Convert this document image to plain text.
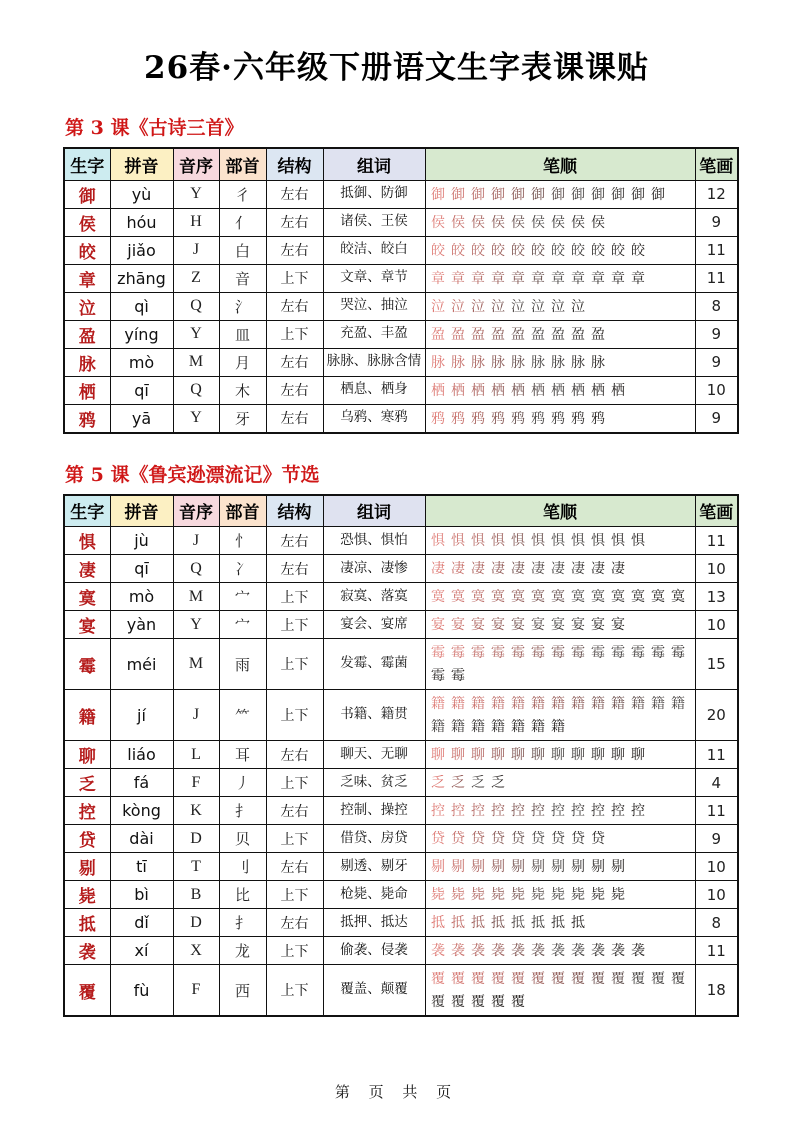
26春·六年级下册语文生字表课课贴
第 3 课《古诗三首》
生字	拼音	音序	部首	结构	组词	笔顺	笔画
御	yù	Y	彳	左右	抵御、防御	御 御 御 御 御 御 御 御 御 御 御 御	12
侯	hóu	H	亻	左右	诸侯、王侯	侯 侯 侯 侯 侯 侯 侯 侯 侯	9
皎	jiǎo	J	白	左右	皎洁、皎白	皎 皎 皎 皎 皎 皎 皎 皎 皎 皎 皎	11
章	zhāng	Z	音	上下	文章、章节	章 章 章 章 章 章 章 章 章 章 章	11
泣	qì	Q	氵	左右	哭泣、抽泣	泣 泣 泣 泣 泣 泣 泣 泣	8
盈	yíng	Y	皿	上下	充盈、丰盈	盈 盈 盈 盈 盈 盈 盈 盈 盈	9
脉	mò	M	月	左右	脉脉、脉脉含情	脉 脉 脉 脉 脉 脉 脉 脉 脉	9
栖	qī	Q	木	左右	栖息、栖身	栖 栖 栖 栖 栖 栖 栖 栖 栖 栖	10
鸦	yā	Y	牙	左右	乌鸦、寒鸦	鸦 鸦 鸦 鸦 鸦 鸦 鸦 鸦 鸦	9
第 5 课《鲁宾逊漂流记》节选
生字	拼音	音序	部首	结构	组词	笔顺	笔画
惧	jù	J	忄	左右	恐惧、惧怕	惧 惧 惧 惧 惧 惧 惧 惧 惧 惧 惧	11
凄	qī	Q	冫	左右	凄凉、凄惨	凄 凄 凄 凄 凄 凄 凄 凄 凄 凄	10
寞	mò	M	宀	上下	寂寞、落寞	寞 寞 寞 寞 寞 寞 寞 寞 寞 寞 寞 寞 寞	13
宴	yàn	Y	宀	上下	宴会、宴席	宴 宴 宴 宴 宴 宴 宴 宴 宴 宴	10
霉	méi	M	雨	上下	发霉、霉菌	霉 霉 霉 霉 霉 霉 霉 霉 霉 霉 霉 霉 霉霉 霉	15
籍	jí	J	⺮	上下	书籍、籍贯	籍 籍 籍 籍 籍 籍 籍 籍 籍 籍 籍 籍 籍籍 籍 籍 籍 籍 籍 籍	20
聊	liáo	L	耳	左右	聊天、无聊	聊 聊 聊 聊 聊 聊 聊 聊 聊 聊 聊	11
乏	fá	F	丿	上下	乏味、贫乏	乏 乏 乏 乏	4
控	kòng	K	扌	左右	控制、操控	控 控 控 控 控 控 控 控 控 控 控	11
贷	dài	D	贝	上下	借贷、房贷	贷 贷 贷 贷 贷 贷 贷 贷 贷	9
剔	tī	T	刂	左右	剔透、剔牙	剔 剔 剔 剔 剔 剔 剔 剔 剔 剔	10
毙	bì	B	比	上下	枪毙、毙命	毙 毙 毙 毙 毙 毙 毙 毙 毙 毙	10
抵	dǐ	D	扌	左右	抵押、抵达	抵 抵 抵 抵 抵 抵 抵 抵	8
袭	xí	X	龙	上下	偷袭、侵袭	袭 袭 袭 袭 袭 袭 袭 袭 袭 袭 袭	11
覆	fù	F	西	上下	覆盖、颠覆	覆 覆 覆 覆 覆 覆 覆 覆 覆 覆 覆 覆 覆覆 覆 覆 覆 覆	18
第 页 共 页
